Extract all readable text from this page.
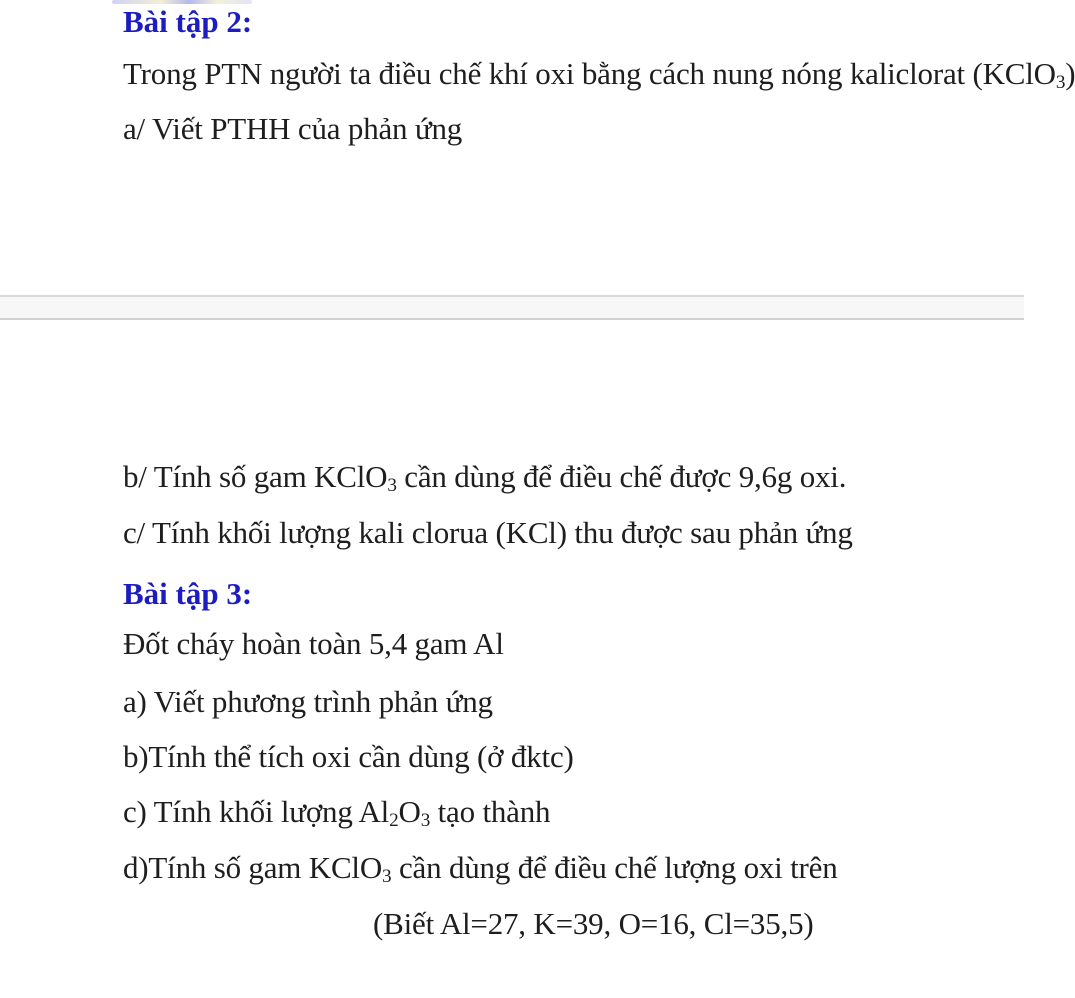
Bài tập 2:
Trong PTN người ta điều chế khí oxi bằng cách nung nóng kaliclorat (KClO$_3$)
a/ Viết PTHH của phản ứng
b/ Tính số gam KClO$_3$ cần dùng để điều chế được 9,6g oxi.
c/ Tính khối lượng kali clorua (KCl) thu được sau phản ứng
Bài tập 3:
Đốt cháy hoàn toàn 5,4 gam Al
a) Viết phương trình phản ứng
b)Tính thể tích oxi cần dùng (ở đktc)
c) Tính khối lượng $Al_2O_3$ tạo thành
d)Tính số gam KClO$_3$ cần dùng để điều chế lượng oxi trên
(Biết Al=27, K=39, O=16, Cl=35,5)
